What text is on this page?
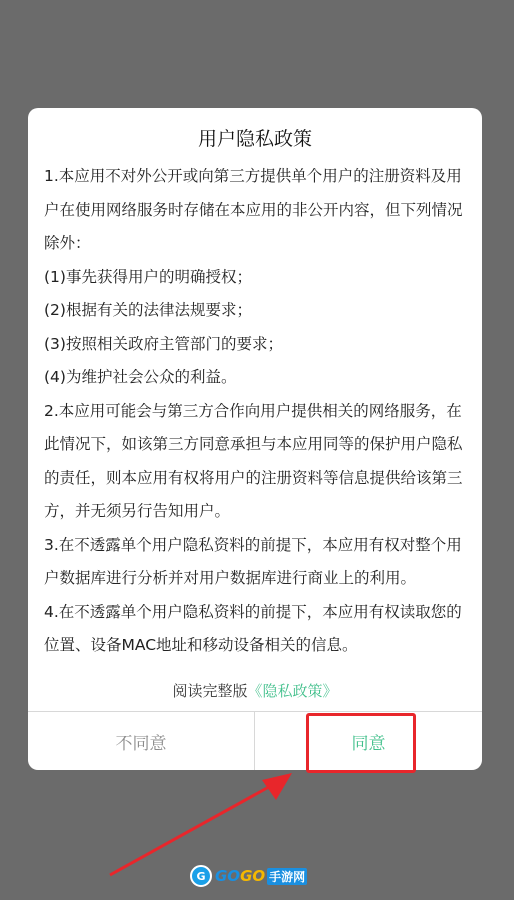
用户隐私政策

1.本应用不对外公开或向第三方提供单个用户的注册资料及用户在使用网络服务时存储在本应用的非公开内容，但下列情况除外：

(1)事先获得用户的明确授权；

(2)根据有关的法律法规要求；

(3)按照相关政府主管部门的要求；

(4)为维护社会公众的利益。

2.本应用可能会与第三方合作向用户提供相关的网络服务，在此情况下，如该第三方同意承担与本应用同等的保护用户隐私的责任，则本应用有权将用户的注册资料等信息提供给该第三方，并无须另行告知用户。

3.在不透露单个用户隐私资料的前提下，本应用有权对整个用户数据库进行分析并对用户数据库进行商业上的利用。

4.在不透露单个用户隐私资料的前提下，本应用有权读取您的位置、设备MAC地址和移动设备相关的信息。

阅读完整版《隐私政策》
不同意	同意
G GOGO 手游网
